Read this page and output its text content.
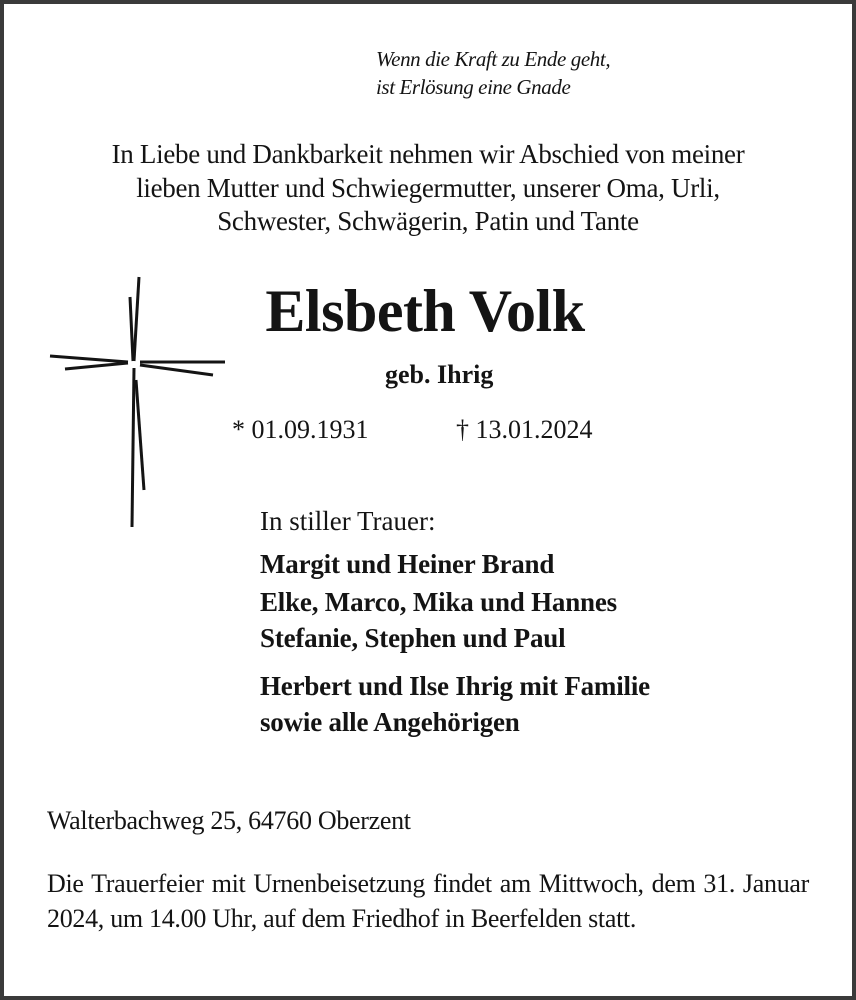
Wenn die Kraft zu Ende geht,
ist Erlösung eine Gnade
In Liebe und Dankbarkeit nehmen wir Abschied von meiner
lieben Mutter und Schwiegermutter, unserer Oma, Urli,
Schwester, Schwägerin, Patin und Tante
Elsbeth Volk
geb. Ihrig
* 01.09.1931	† 13.01.2024
In stiller Trauer:
Margit und Heiner Brand
Elke, Marco, Mika und Hannes
Stefanie, Stephen und Paul
Herbert und Ilse Ihrig mit Familie
sowie alle Angehörigen
Walterbachweg 25, 64760 Oberzent
Die Trauerfeier mit Urnenbeisetzung findet am Mittwoch, dem 31. Januar 2024, um 14.00 Uhr, auf dem Friedhof in Beerfelden statt.
